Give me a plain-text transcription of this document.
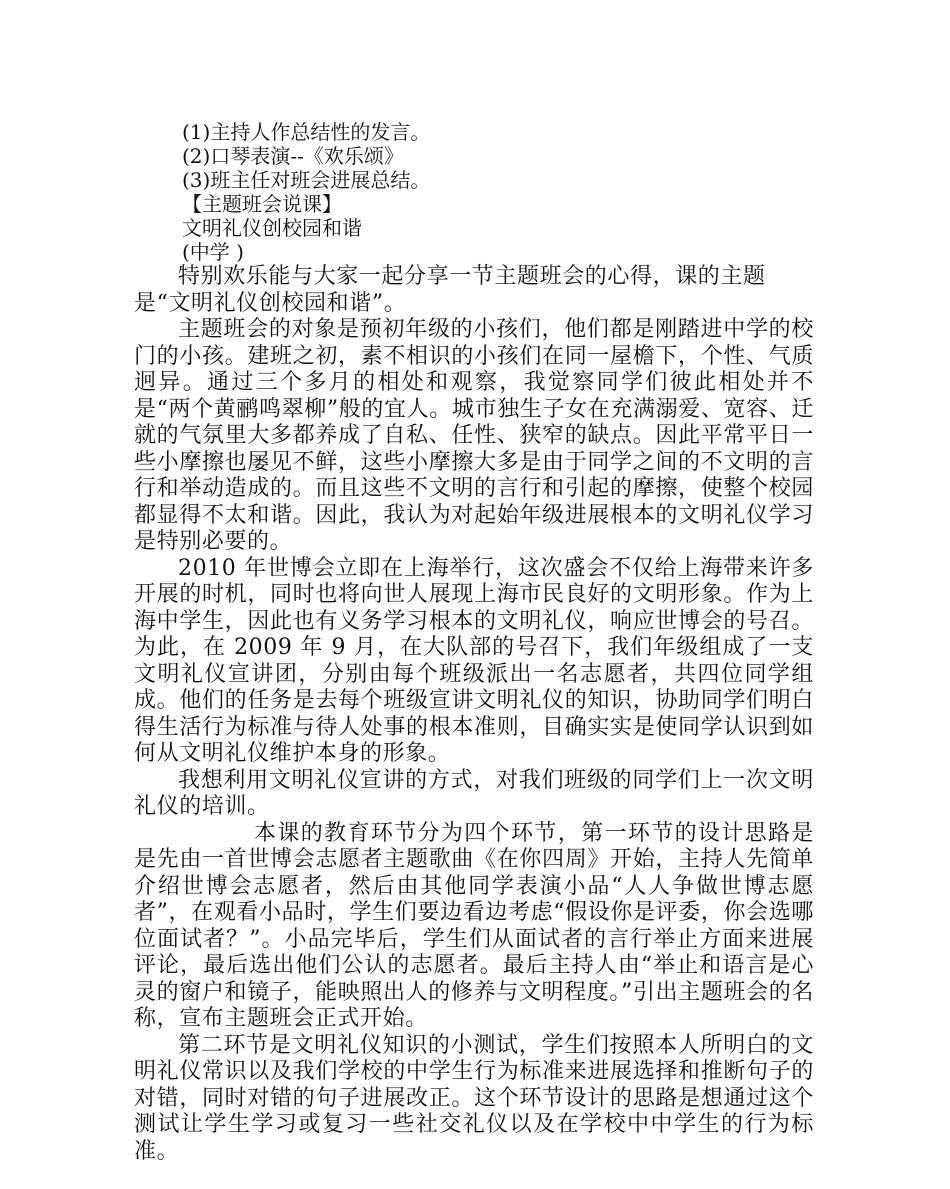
(1)主持人作总结性的发言。
(2)口琴表演--《欢乐颂》
(3)班主任对班会进展总结。
【主题班会说课】
文明礼仪创校园和谐
(中学 )

特别欢乐能与大家一起分享一节主题班会的心得，课的主题是“文明礼仪创校园和谐”。

主题班会的对象是预初年级的小孩们，他们都是刚踏进中学的校门的小孩。建班之初，素不相识的小孩们在同一屋檐下，个性、气质迥异。通过三个多月的相处和观察，我觉察同学们彼此相处并不是“两个黄鹂鸣翠柳”般的宜人。城市独生子女在充满溺爱、宽容、迁就的气氛里大多都养成了自私、任性、狭窄的缺点。因此平常平日一些小摩擦也屡见不鲜，这些小摩擦大多是由于同学之间的不文明的言行和举动造成的。而且这些不文明的言行和引起的摩擦，使整个校园都显得不太和谐。因此，我认为对起始年级进展根本的文明礼仪学习是特别必要的。

2010 年世博会立即在上海举行，这次盛会不仅给上海带来许多开展的时机，同时也将向世人展现上海市民良好的文明形象。作为上海中学生，因此也有义务学习根本的文明礼仪，响应世博会的号召。为此，在 2009 年 9 月，在大队部的号召下，我们年级组成了一支文明礼仪宣讲团，分别由每个班级派出一名志愿者，共四位同学组成。他们的任务是去每个班级宣讲文明礼仪的知识，协助同学们明白得生活行为标准与待人处事的根本准则，目确实实是使同学认识到如何从文明礼仪维护本身的形象。

我想利用文明礼仪宣讲的方式，对我们班级的同学们上一次文明礼仪的培训。

本课的教育环节分为四个环节，第一环节的设计思路是是先由一首世博会志愿者主题歌曲《在你四周》开始，主持人先简单介绍世博会志愿者，然后由其他同学表演小品“人人争做世博志愿者”，在观看小品时，学生们要边看边考虑“假设你是评委，你会选哪位面试者？”。小品完毕后，学生们从面试者的言行举止方面来进展评论，最后选出他们公认的志愿者。最后主持人由“举止和语言是心灵的窗户和镜子，能映照出人的修养与文明程度。”引出主题班会的名称，宣布主题班会正式开始。

第二环节是文明礼仪知识的小测试，学生们按照本人所明白的文明礼仪常识以及我们学校的中学生行为标准来进展选择和推断句子的对错，同时对错的句子进展改正。这个环节设计的思路是想通过这个测试让学生学习或复习一些社交礼仪以及在学校中中学生的行为标准。
